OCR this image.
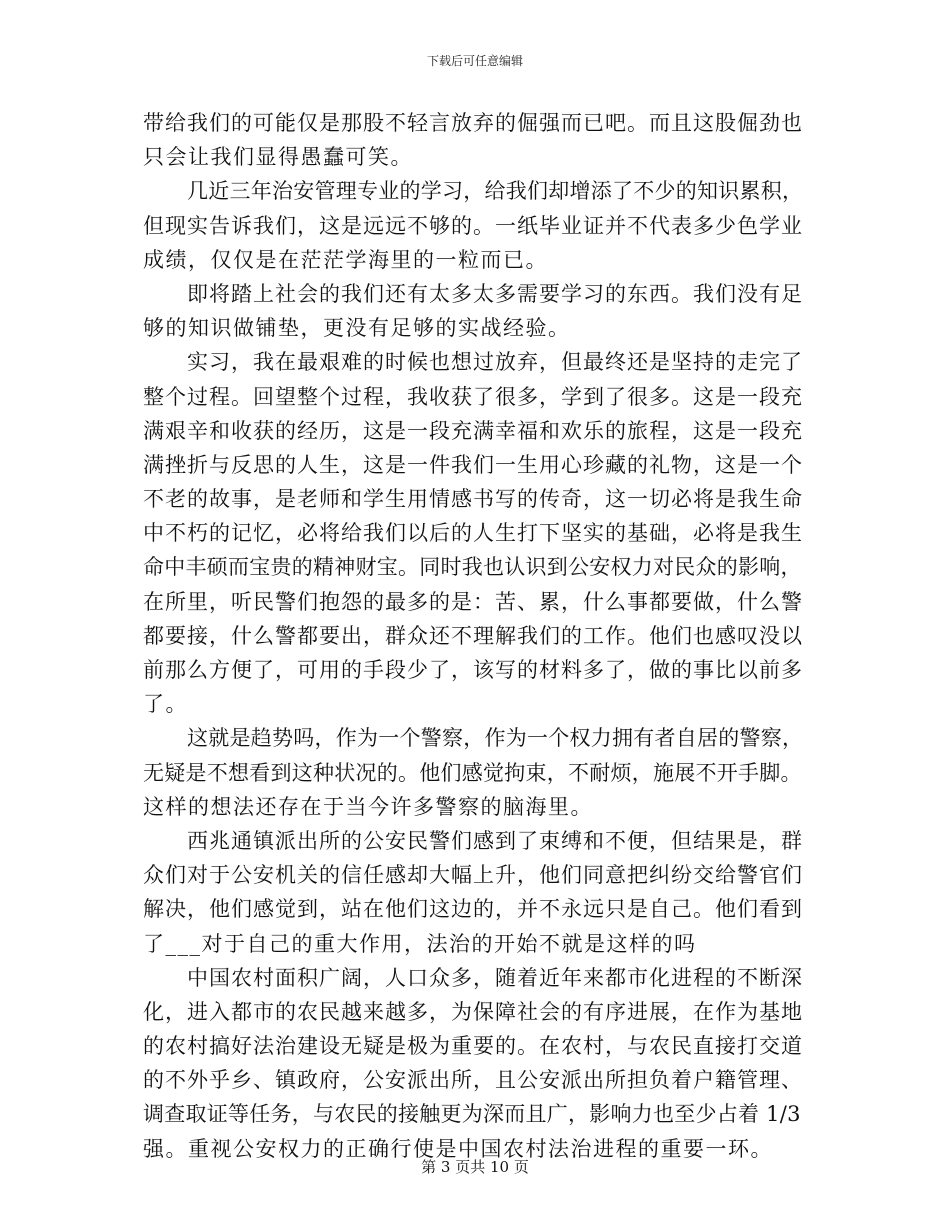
下载后可任意编辑
带给我们的可能仅是那股不轻言放弃的倔强而已吧。而且这股倔劲也
只会让我们显得愚蠢可笑。
几近三年治安管理专业的学习，给我们却增添了不少的知识累积，
但现实告诉我们，这是远远不够的。一纸毕业证并不代表多少色学业
成绩，仅仅是在茫茫学海里的一粒而已。
即将踏上社会的我们还有太多太多需要学习的东西。我们没有足
够的知识做铺垫，更没有足够的实战经验。
实习，我在最艰难的时候也想过放弃，但最终还是坚持的走完了
整个过程。回望整个过程，我收获了很多，学到了很多。这是一段充
满艰辛和收获的经历，这是一段充满幸福和欢乐的旅程，这是一段充
满挫折与反思的人生，这是一件我们一生用心珍藏的礼物，这是一个
不老的故事，是老师和学生用情感书写的传奇，这一切必将是我生命
中不朽的记忆，必将给我们以后的人生打下坚实的基础，必将是我生
命中丰硕而宝贵的精神财宝。同时我也认识到公安权力对民众的影响，
在所里，听民警们抱怨的最多的是：苦、累，什么事都要做，什么警
都要接，什么警都要出，群众还不理解我们的工作。他们也感叹没以
前那么方便了，可用的手段少了，该写的材料多了，做的事比以前多
了。
这就是趋势吗，作为一个警察，作为一个权力拥有者自居的警察，
无疑是不想看到这种状况的。他们感觉拘束，不耐烦，施展不开手脚。
这样的想法还存在于当今许多警察的脑海里。
西兆通镇派出所的公安民警们感到了束缚和不便，但结果是，群
众们对于公安机关的信任感却大幅上升，他们同意把纠纷交给警官们
解决，他们感觉到，站在他们这边的，并不永远只是自己。他们看到
了___对于自己的重大作用，法治的开始不就是这样的吗
中国农村面积广阔，人口众多，随着近年来都市化进程的不断深
化，进入都市的农民越来越多，为保障社会的有序进展，在作为基地
的农村搞好法治建设无疑是极为重要的。在农村，与农民直接打交道
的不外乎乡、镇政府，公安派出所，且公安派出所担负着户籍管理、
调查取证等任务，与农民的接触更为深而且广，影响力也至少占着 1/3
强。重视公安权力的正确行使是中国农村法治进程的重要一环。
第 3 页共 10 页
